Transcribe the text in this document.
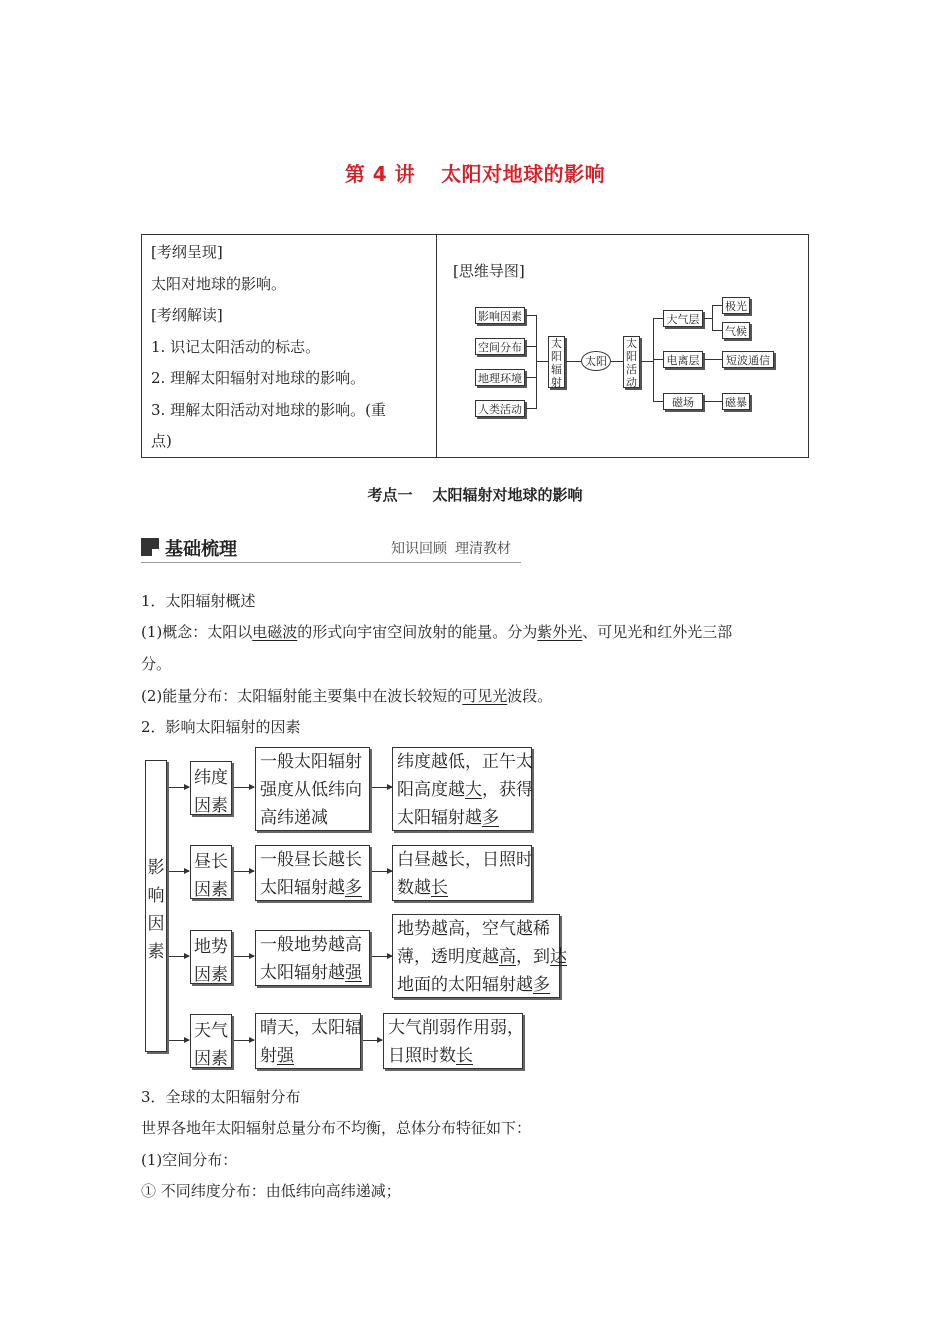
第 4 讲 太阳对地球的影响
[考纲呈现]
太阳对地球的影响。
[考纲解读]
1. 识记太阳活动的标志。
2. 理解太阳辐射对地球的影响。
3. 理解太阳活动对地球的影响。(重
点)
[思维导图]
影响因素
空间分布
地理环境
人类活动
太
阳
辐
射
太阳
太
阳
活
动
大气层
电离层
磁场
极光
气候
短波通信
磁暴
考点一 太阳辐射对地球的影响
基础梳理	知识回顾 理清教材
1．太阳辐射概述
(1)概念：太阳以电磁波的形式向宇宙空间放射的能量。分为紫外光、可见光和红外光三部
分。
(2)能量分布：太阳辐射能主要集中在波长较短的可见光波段。
2．影响太阳辐射的因素
影
响
因
素
纬度
因素
一般太阳辐射
强度从低纬向
高纬递减
纬度越低，正午太
阳高度越大，获得
太阳辐射越多
昼长
因素
一般昼长越长
太阳辐射越多
白昼越长，日照时
数越长
地势
因素
一般地势越高
太阳辐射越强
地势越高，空气越稀
薄，透明度越高，到达
地面的太阳辐射越多
天气
因素
晴天，太阳辐
射强
大气削弱作用弱，
日照时数长
3．全球的太阳辐射分布
世界各地年太阳辐射总量分布不均衡，总体分布特征如下：
(1)空间分布：
① 不同纬度分布：由低纬向高纬递减；
